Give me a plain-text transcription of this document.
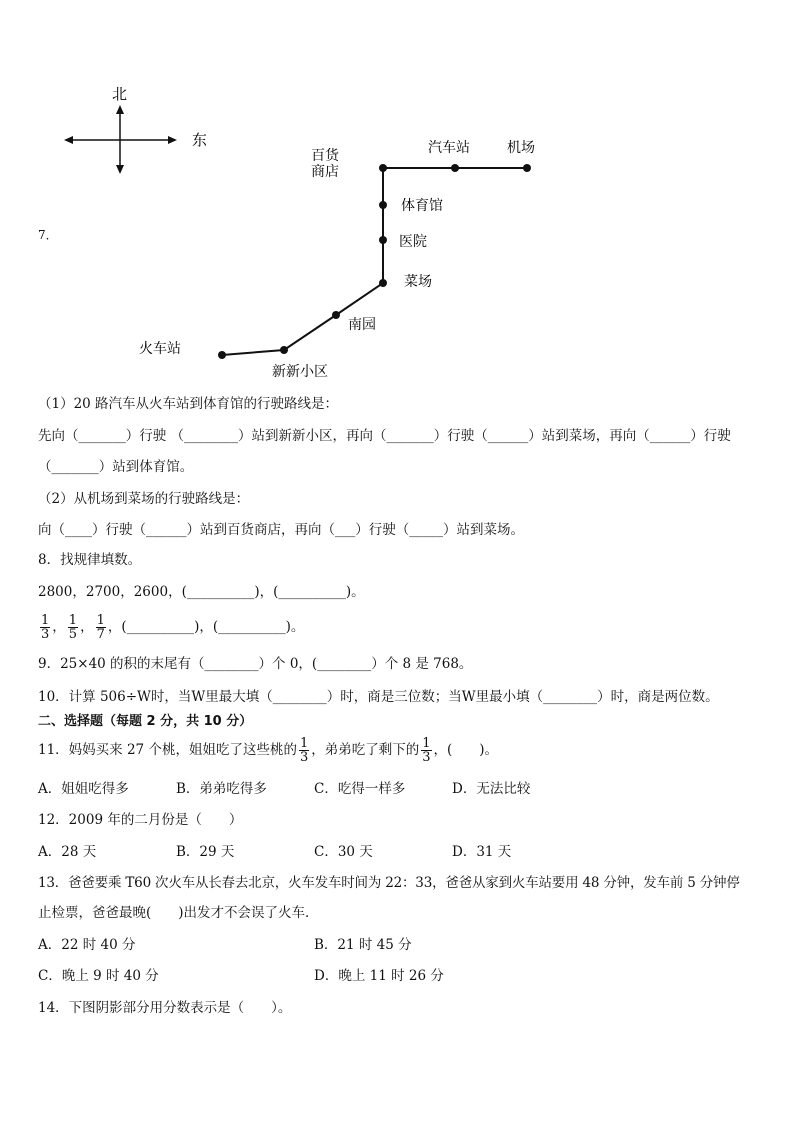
北
东
百货
商店
汽车站	机场
体育馆
医院
菜场
南园
火车站
新新小区
7．
（1）20 路汽车从火车站到体育馆的行驶路线是：
先向（_______）行驶 （________）站到新新小区，再向（_______）行驶（______）站到菜场，再向（______）行驶
（_______）站到体育馆。
（2）从机场到菜场的行驶路线是：
向（____）行驶（______）站到百货商店，再向（___）行驶（_____）站到菜场。
8．找规律填数。
2800，2700，2600，(__________)，(__________)。
$\frac{1}{3}$ ， $\frac{1}{5}$ ， $\frac{1}{7}$ ，(__________)，(__________)。
9．25×40 的积的末尾有（________）个 0，(________）个 8 是 768。
10．计算 506÷W时，当W里最大填（________）时，商是三位数；当W里最小填（________）时，商是两位数。
二、选择题（每题 2 分，共 10 分）
11．妈妈买来 27 个桃，姐姐吃了这些桃的 $\frac{1}{3}$ ，弟弟吃了剩下的 $\frac{1}{3}$ ，(　　)。
A．姐姐吃得多	B．弟弟吃得多	C．吃得一样多	D．无法比较
12．2009 年的二月份是（　　）
A．28 天	B．29 天	C．30 天	D．31 天
13．爸爸要乘 T60 次火车从长春去北京，火车发车时间为 22：33，爸爸从家到火车站要用 48 分钟，发车前 5 分钟停
止检票，爸爸最晚(　　)出发才不会误了火车．
A．22 时 40 分	B．21 时 45 分
C．晚上 9 时 40 分	D．晚上 11 时 26 分
14．下图阴影部分用分数表示是（　　）。
